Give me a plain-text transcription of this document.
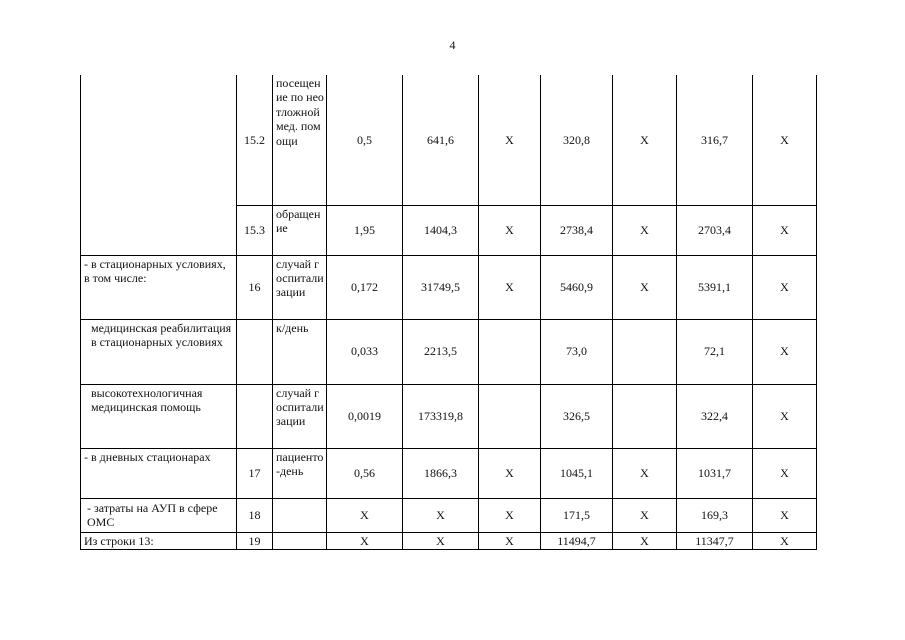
4
	15.2	посещение по неотложной мед. помощи	0,5	641,6	Х	320,8	Х	316,7	Х
	15.3	обращение	1,95	1404,3	Х	2738,4	Х	2703,4	Х
- в стационарных условиях, в том числе:	16	случай госпитализации	0,172	31749,5	Х	5460,9	Х	5391,1	Х
медицинская реабилитация в стационарных условиях		к/день	0,033	2213,5		73,0		72,1	Х
высокотехнологичная медицинская помощь		случай госпитализации	0,0019	173319,8		326,5		322,4	Х
- в дневных стационарах	17	пациенто-день	0,56	1866,3	Х	1045,1	Х	1031,7	Х
- затраты на АУП в сфере ОМС	18		Х	Х	Х	171,5	Х	169,3	Х
Из строки 13:	19		Х	Х	Х	11494,7	Х	11347,7	Х
